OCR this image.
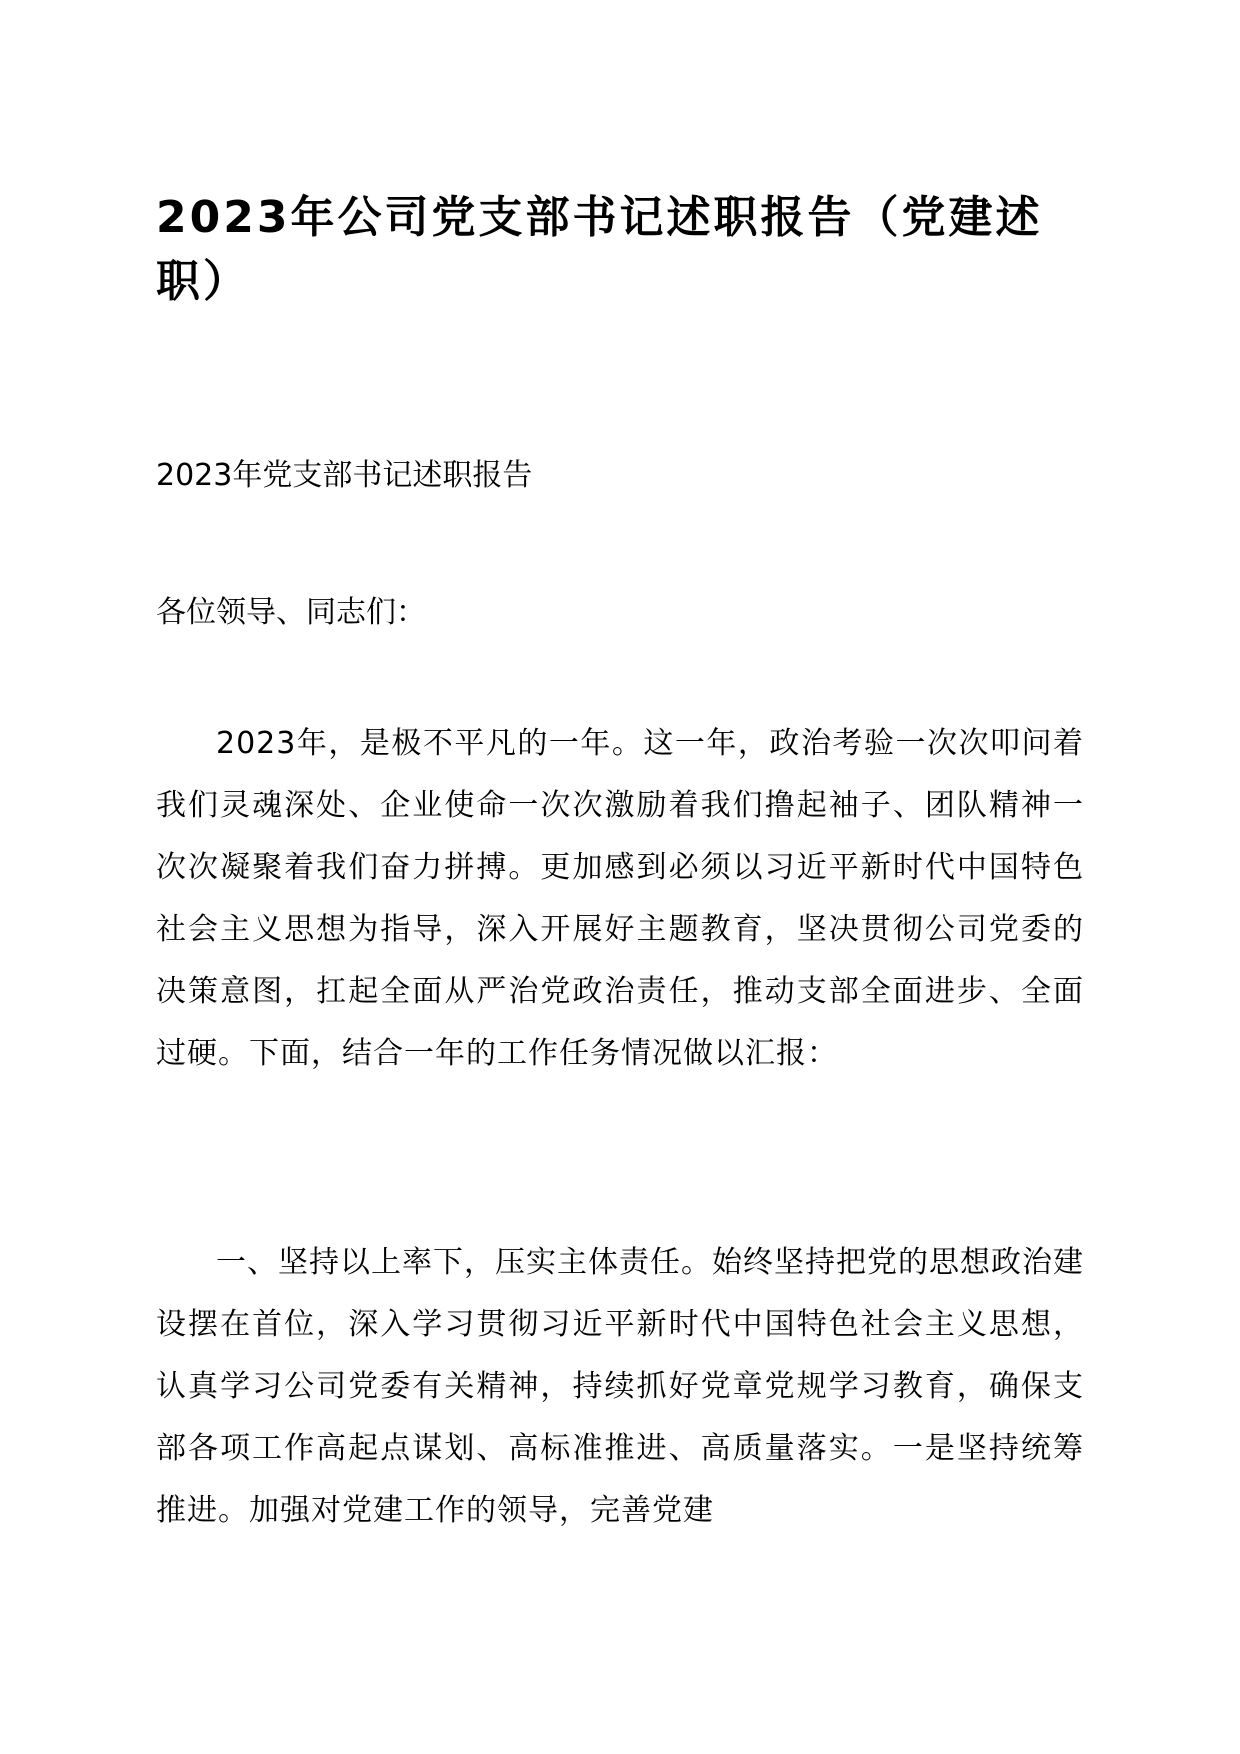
2023年公司党支部书记述职报告（党建述职）

2023年党支部书记述职报告

各位领导、同志们：

2023年，是极不平凡的一年。这一年，政治考验一次次叩问着我们灵魂深处、企业使命一次次激励着我们撸起袖子、团队精神一次次凝聚着我们奋力拼搏。更加感到必须以习近平新时代中国特色社会主义思想为指导，深入开展好主题教育，坚决贯彻公司党委的决策意图，扛起全面从严治党政治责任，推动支部全面进步、全面过硬。下面，结合一年的工作任务情况做以汇报：

一、坚持以上率下，压实主体责任。始终坚持把党的思想政治建设摆在首位，深入学习贯彻习近平新时代中国特色社会主义思想，认真学习公司党委有关精神，持续抓好党章党规学习教育，确保支部各项工作高起点谋划、高标准推进、高质量落实。一是坚持统筹推进。加强对党建工作的领导，完善党建
